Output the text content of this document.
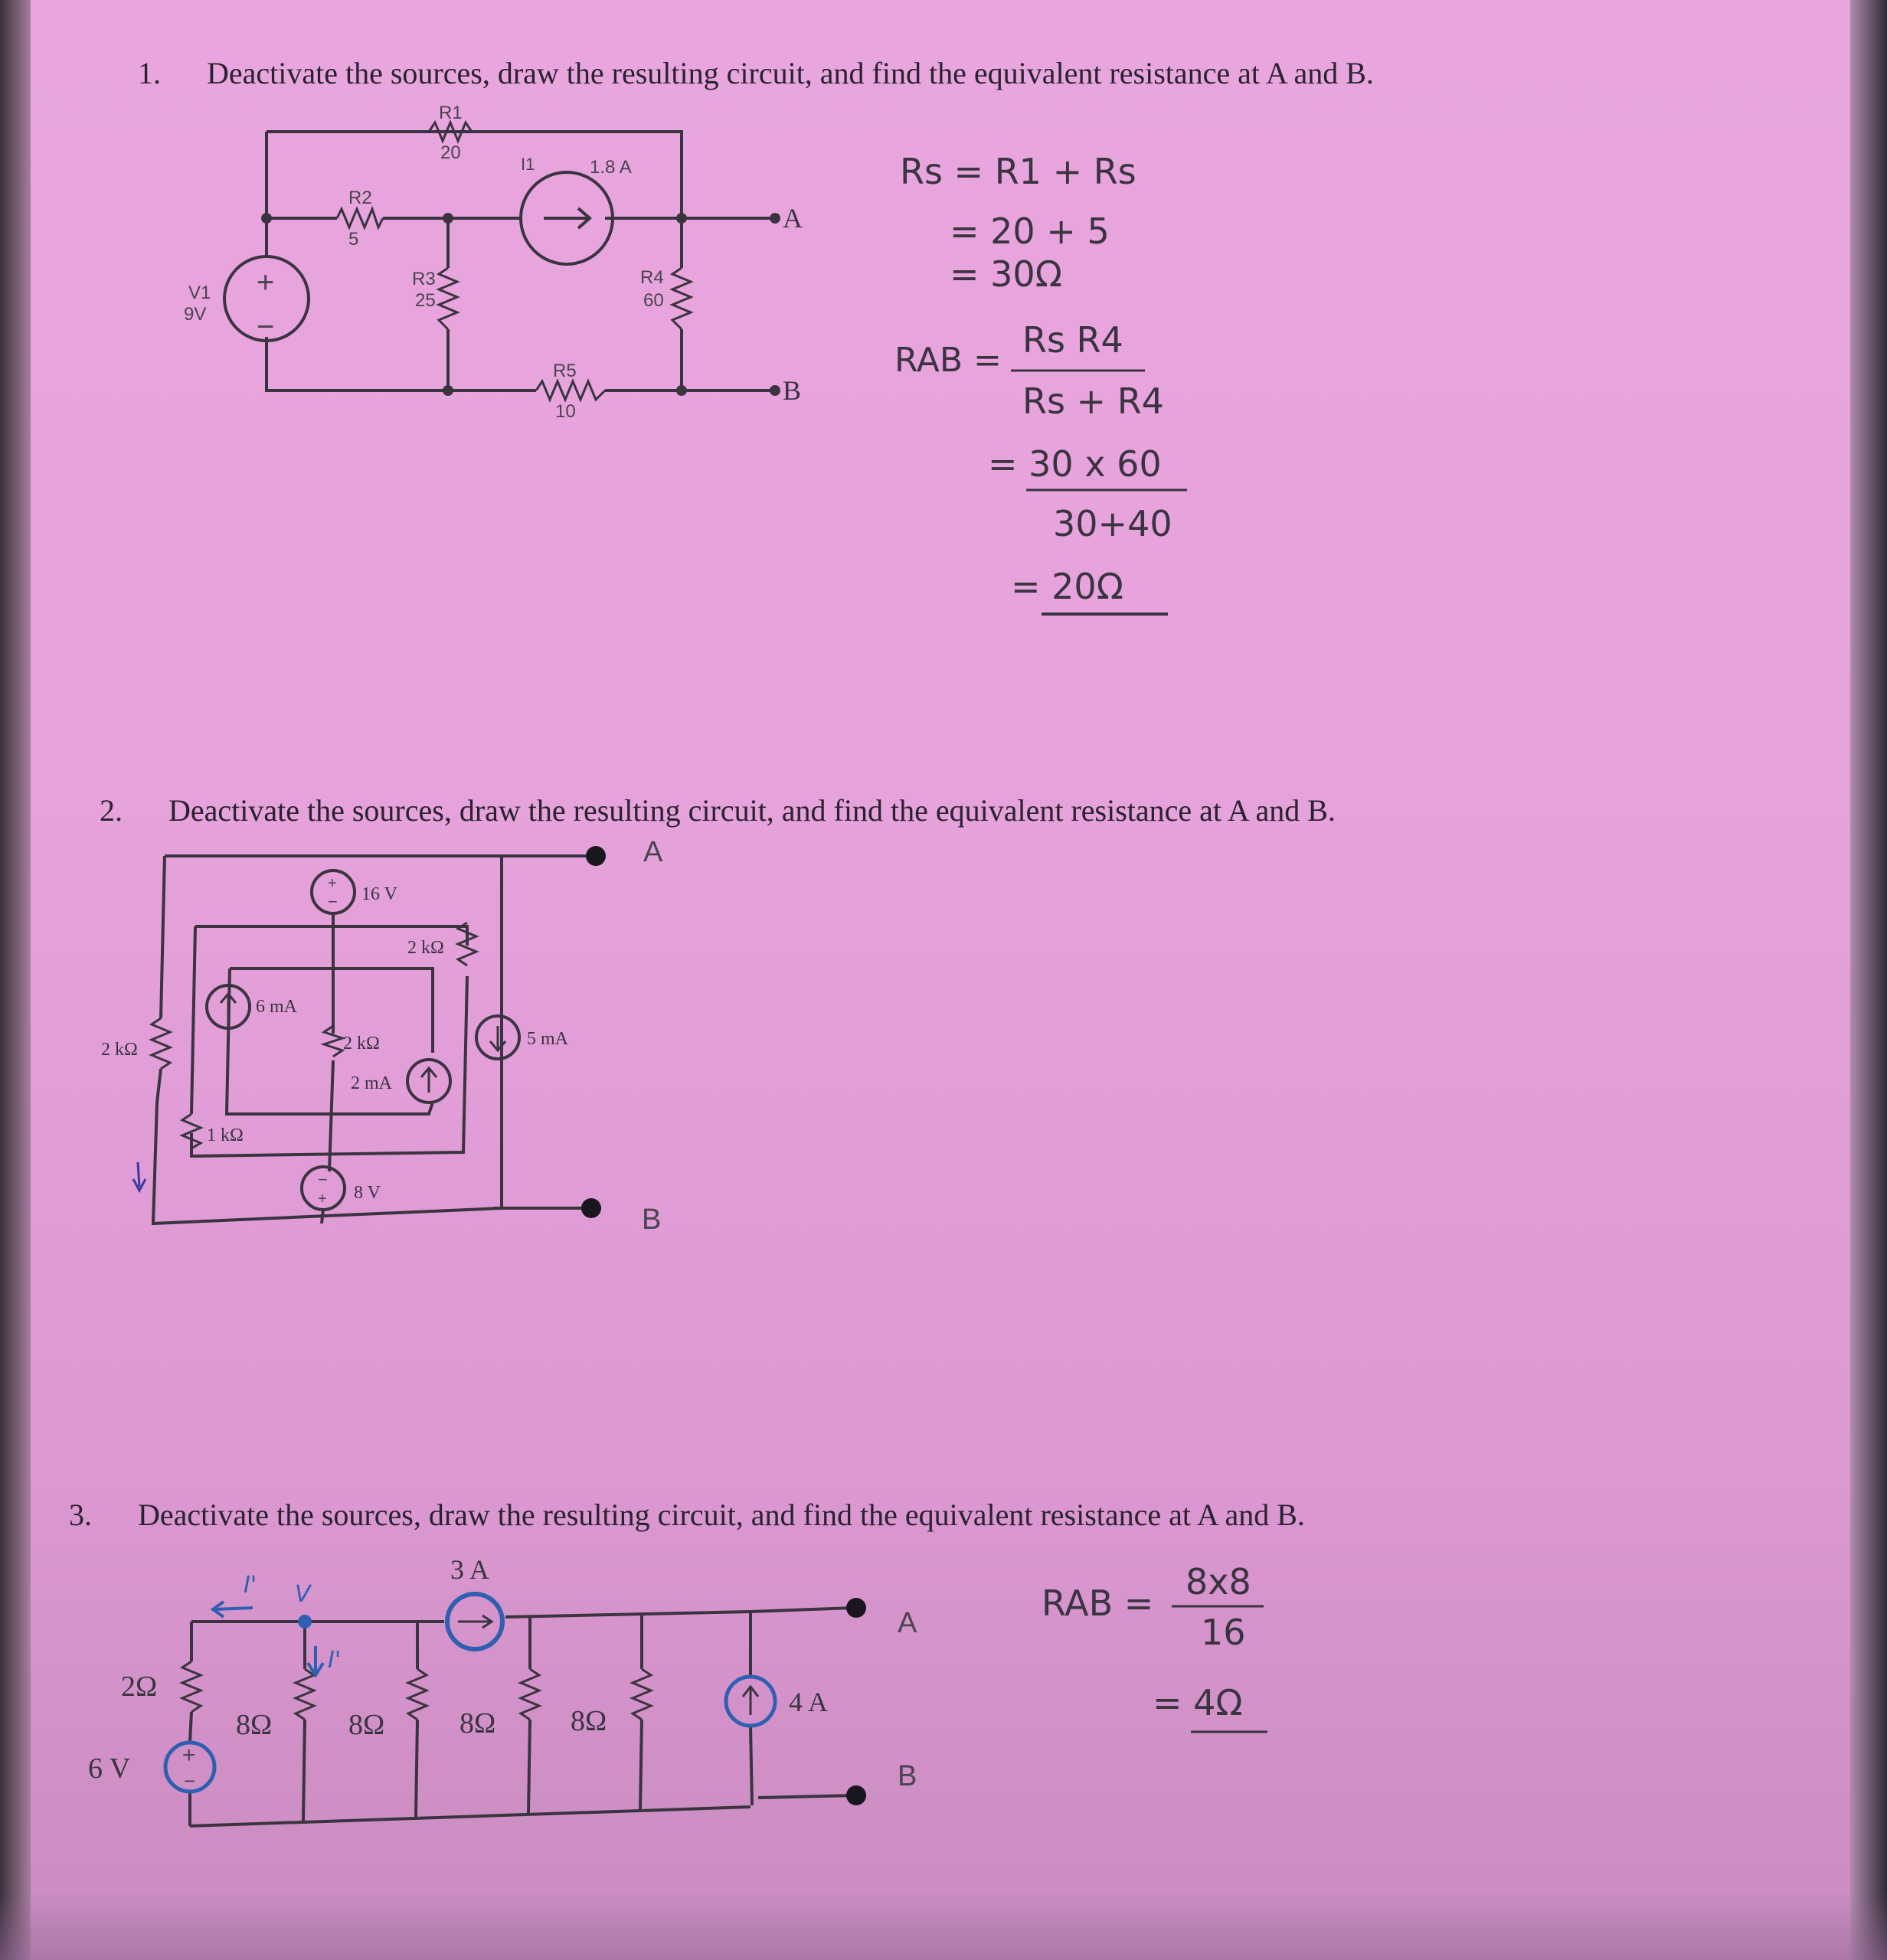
1. Deactivate the sources, draw the resulting circuit, and find the equivalent resistance at A and B.
2. Deactivate the sources, draw the resulting circuit, and find the equivalent resistance at A and B.
3. Deactivate the sources, draw the resulting circuit, and find the equivalent resistance at A and B.
+
−
R1
20
R2
5
R3
25
R4
60
R5
10
V1
9V
I1	1.8 A
A
B
Rs = R1 + Rs
= 20 + 5
= 30Ω
RAB = Rs R4
Rs + R4
= 30 x 60
30+40
= 20Ω
+
−
−
+
16 V
2 kΩ
6 mA
2 kΩ	2 kΩ
2 mA
5 mA
1 kΩ
8 V
A
B
+
−
I' V
I'
3 A
2Ω
8Ω	8Ω	8Ω	8Ω
4 A
6 V
A
B
RAB =
8x8
16
= 4Ω
